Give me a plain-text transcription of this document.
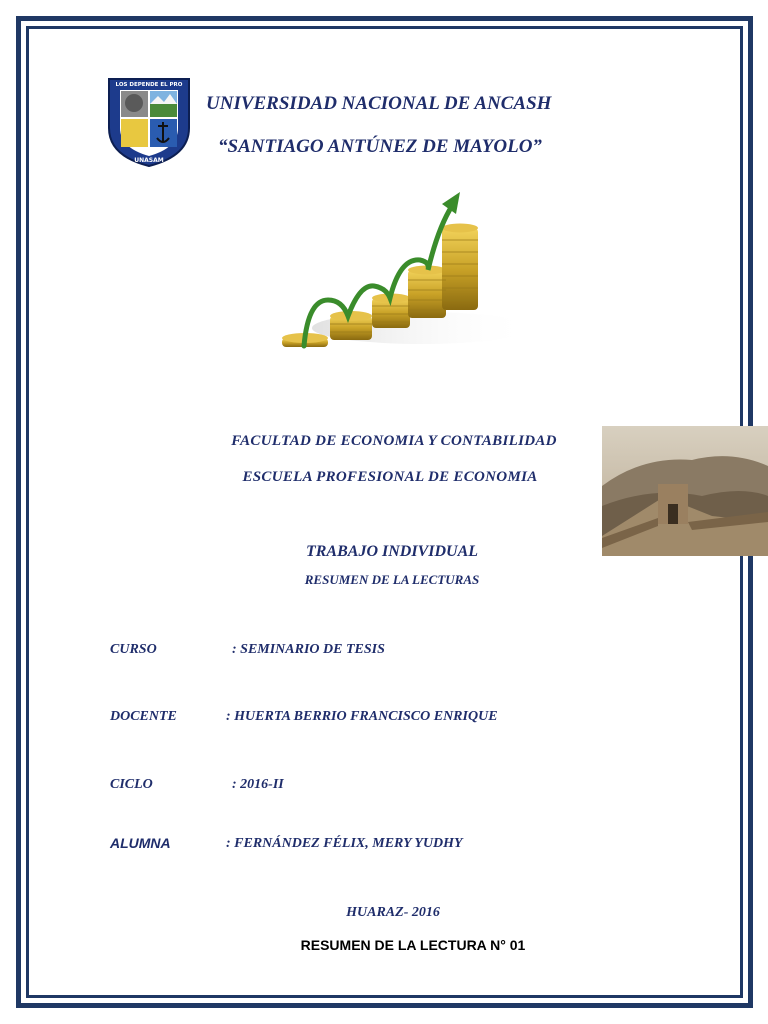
LOS DEPENDE EL PRO
UNASAM
UNIVERSIDAD NACIONAL DE ANCASH
“SANTIAGO ANTÚNEZ DE MAYOLO”
FACULTAD DE ECONOMIA Y CONTABILIDAD
ESCUELA PROFESIONAL DE ECONOMIA
TRABAJO INDIVIDUAL
RESUMEN DE LA LECTURAS
CURSO	: SEMINARIO DE TESIS
DOCENTE	: HUERTA BERRIO FRANCISCO ENRIQUE
CICLO	: 2016-II
ALUMNA	: FERNÁNDEZ FÉLIX, MERY YUDHY
HUARAZ- 2016
RESUMEN DE LA LECTURA N° 01
